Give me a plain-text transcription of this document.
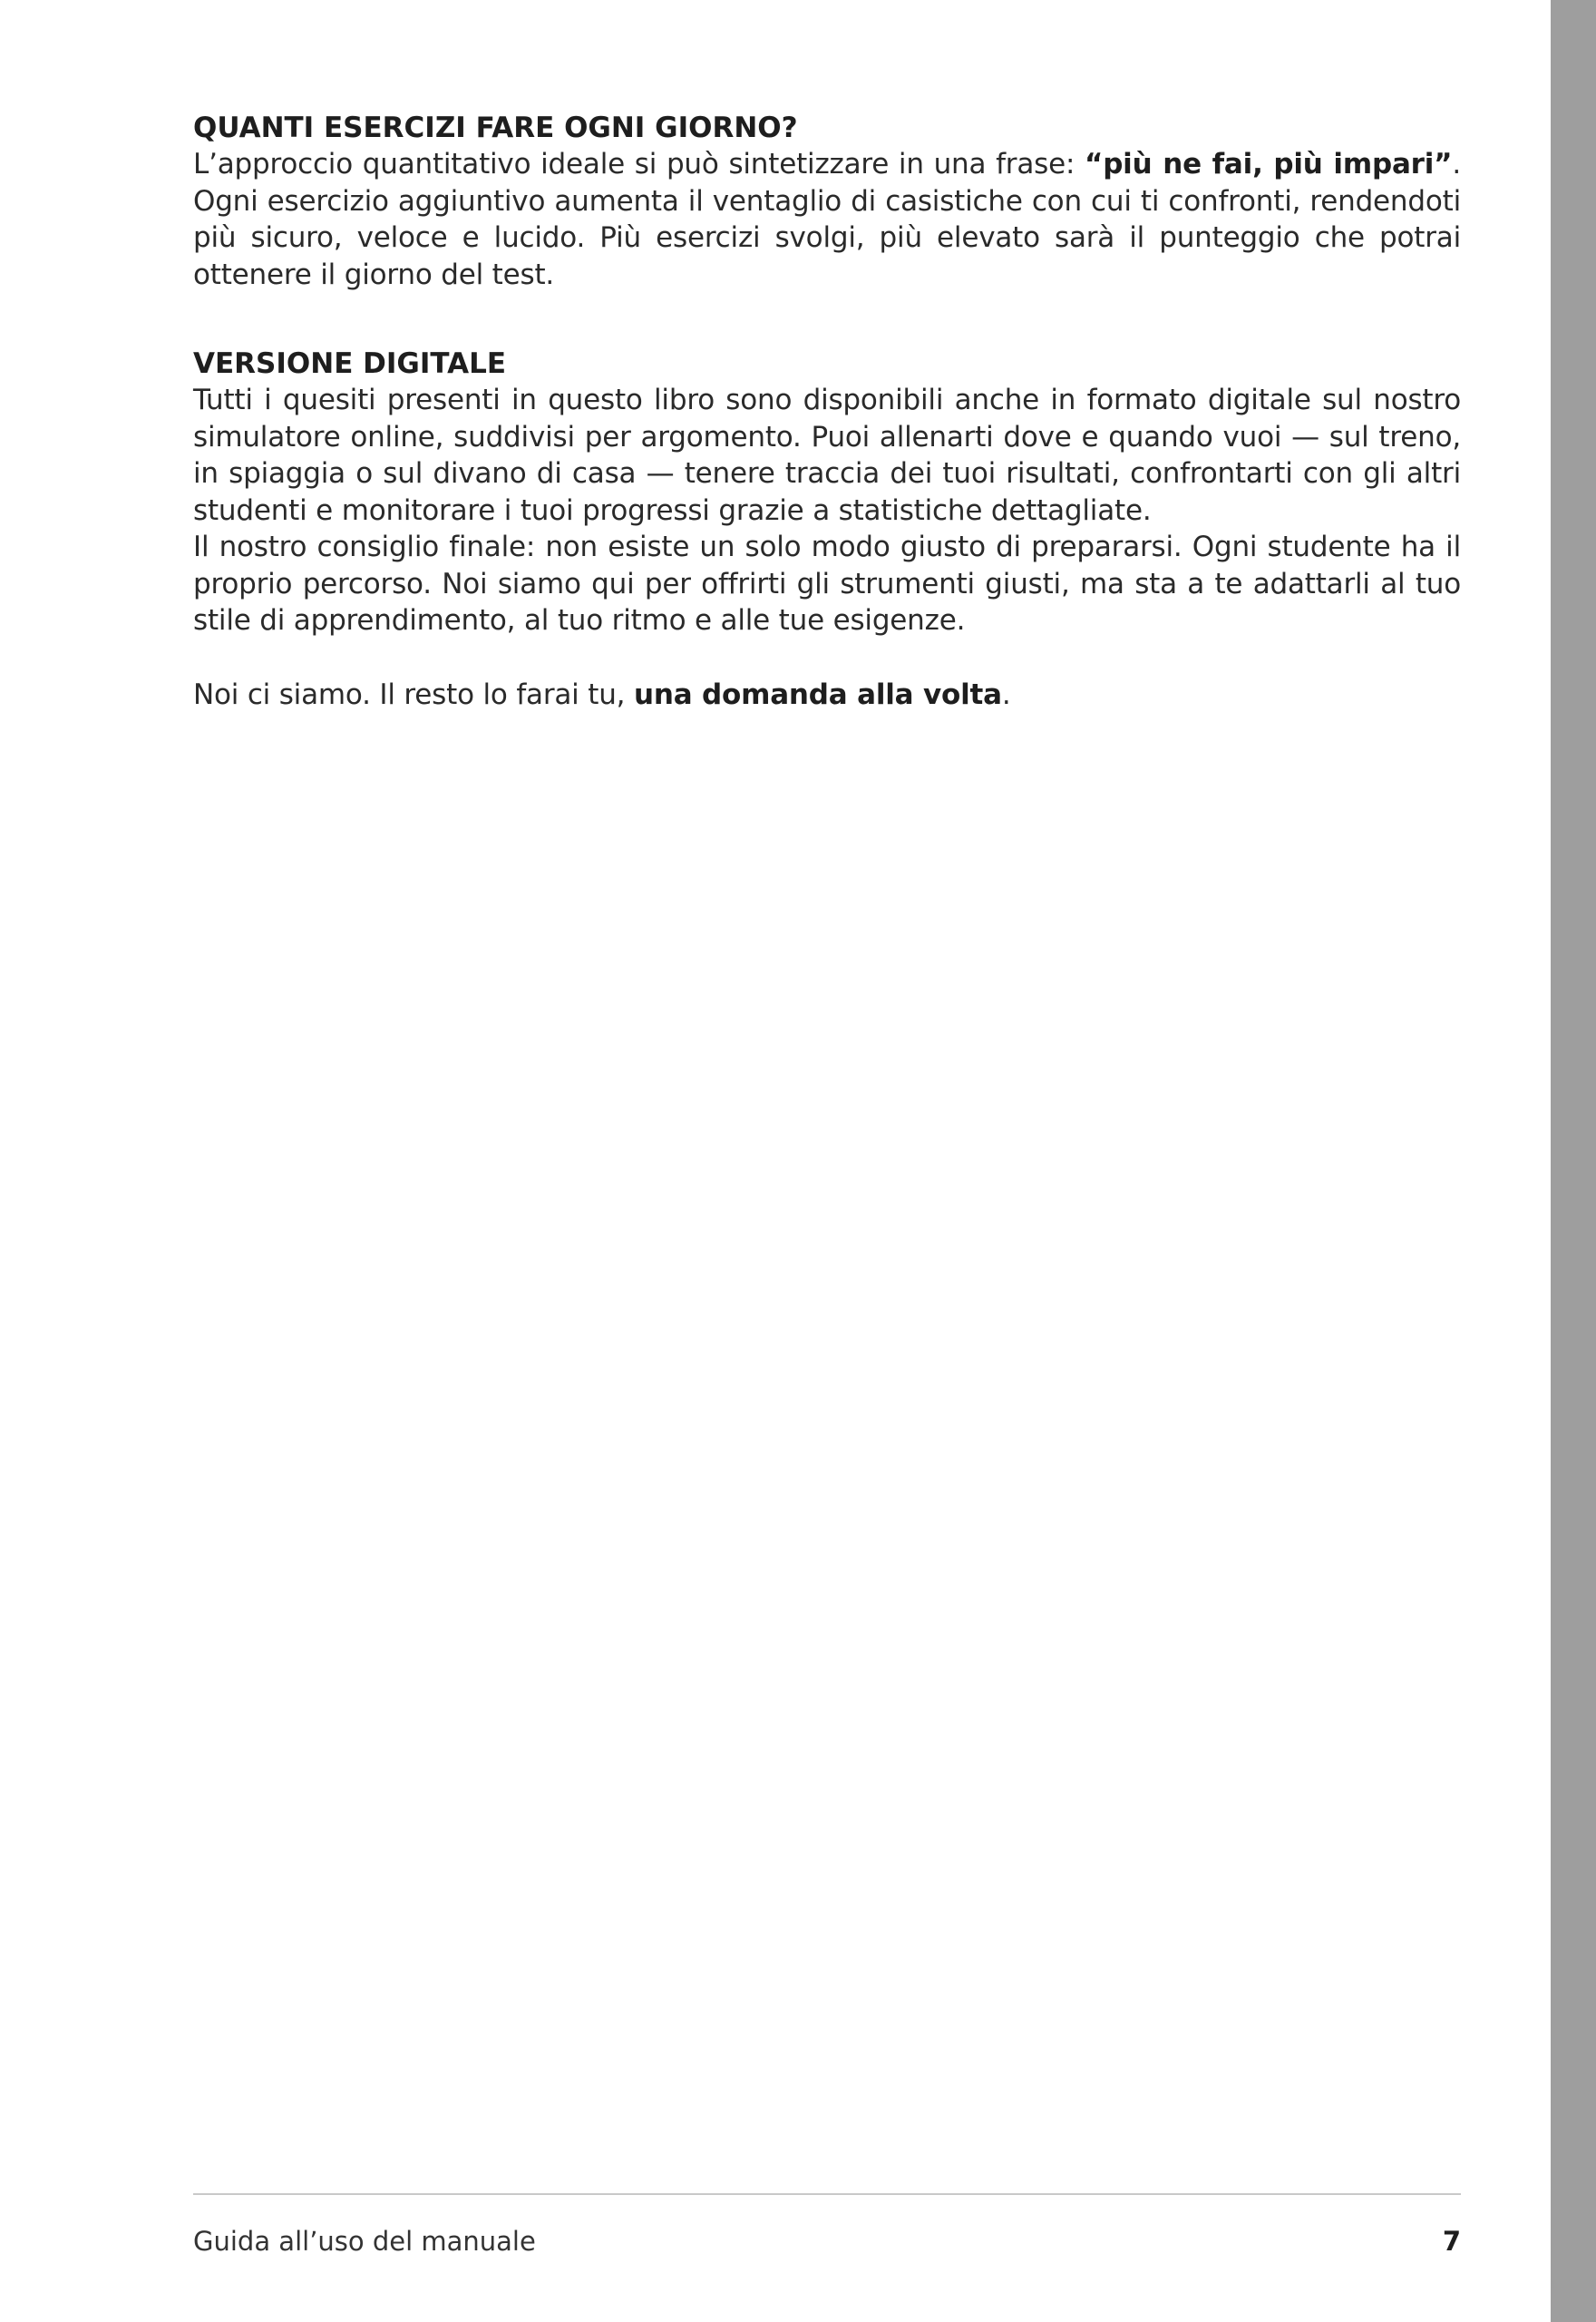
QUANTI ESERCIZI FARE OGNI GIORNO?

L’approccio quantitativo ideale si può sintetizzare in una frase: “più ne fai, più impari”. Ogni esercizio aggiuntivo aumenta il ventaglio di casistiche con cui ti confronti, rendendoti più sicuro, veloce e lucido. Più esercizi svolgi, più elevato sarà il punteggio che potrai ottenere il giorno del test.

VERSIONE DIGITALE

Tutti i quesiti presenti in questo libro sono disponibili anche in formato digitale sul nostro simulatore online, suddivisi per argomento. Puoi allenarti dove e quando vuoi — sul treno, in spiaggia o sul divano di casa — tenere traccia dei tuoi risultati, confrontarti con gli altri studenti e monitorare i tuoi progressi grazie a statistiche dettagliate.

Il nostro consiglio finale: non esiste un solo modo giusto di prepararsi. Ogni studente ha il proprio percorso. Noi siamo qui per offrirti gli strumenti giusti, ma sta a te adattarli al tuo stile di apprendimento, al tuo ritmo e alle tue esigenze.

Noi ci siamo. Il resto lo farai tu, una domanda alla volta.

Guida all’uso del manuale	7
